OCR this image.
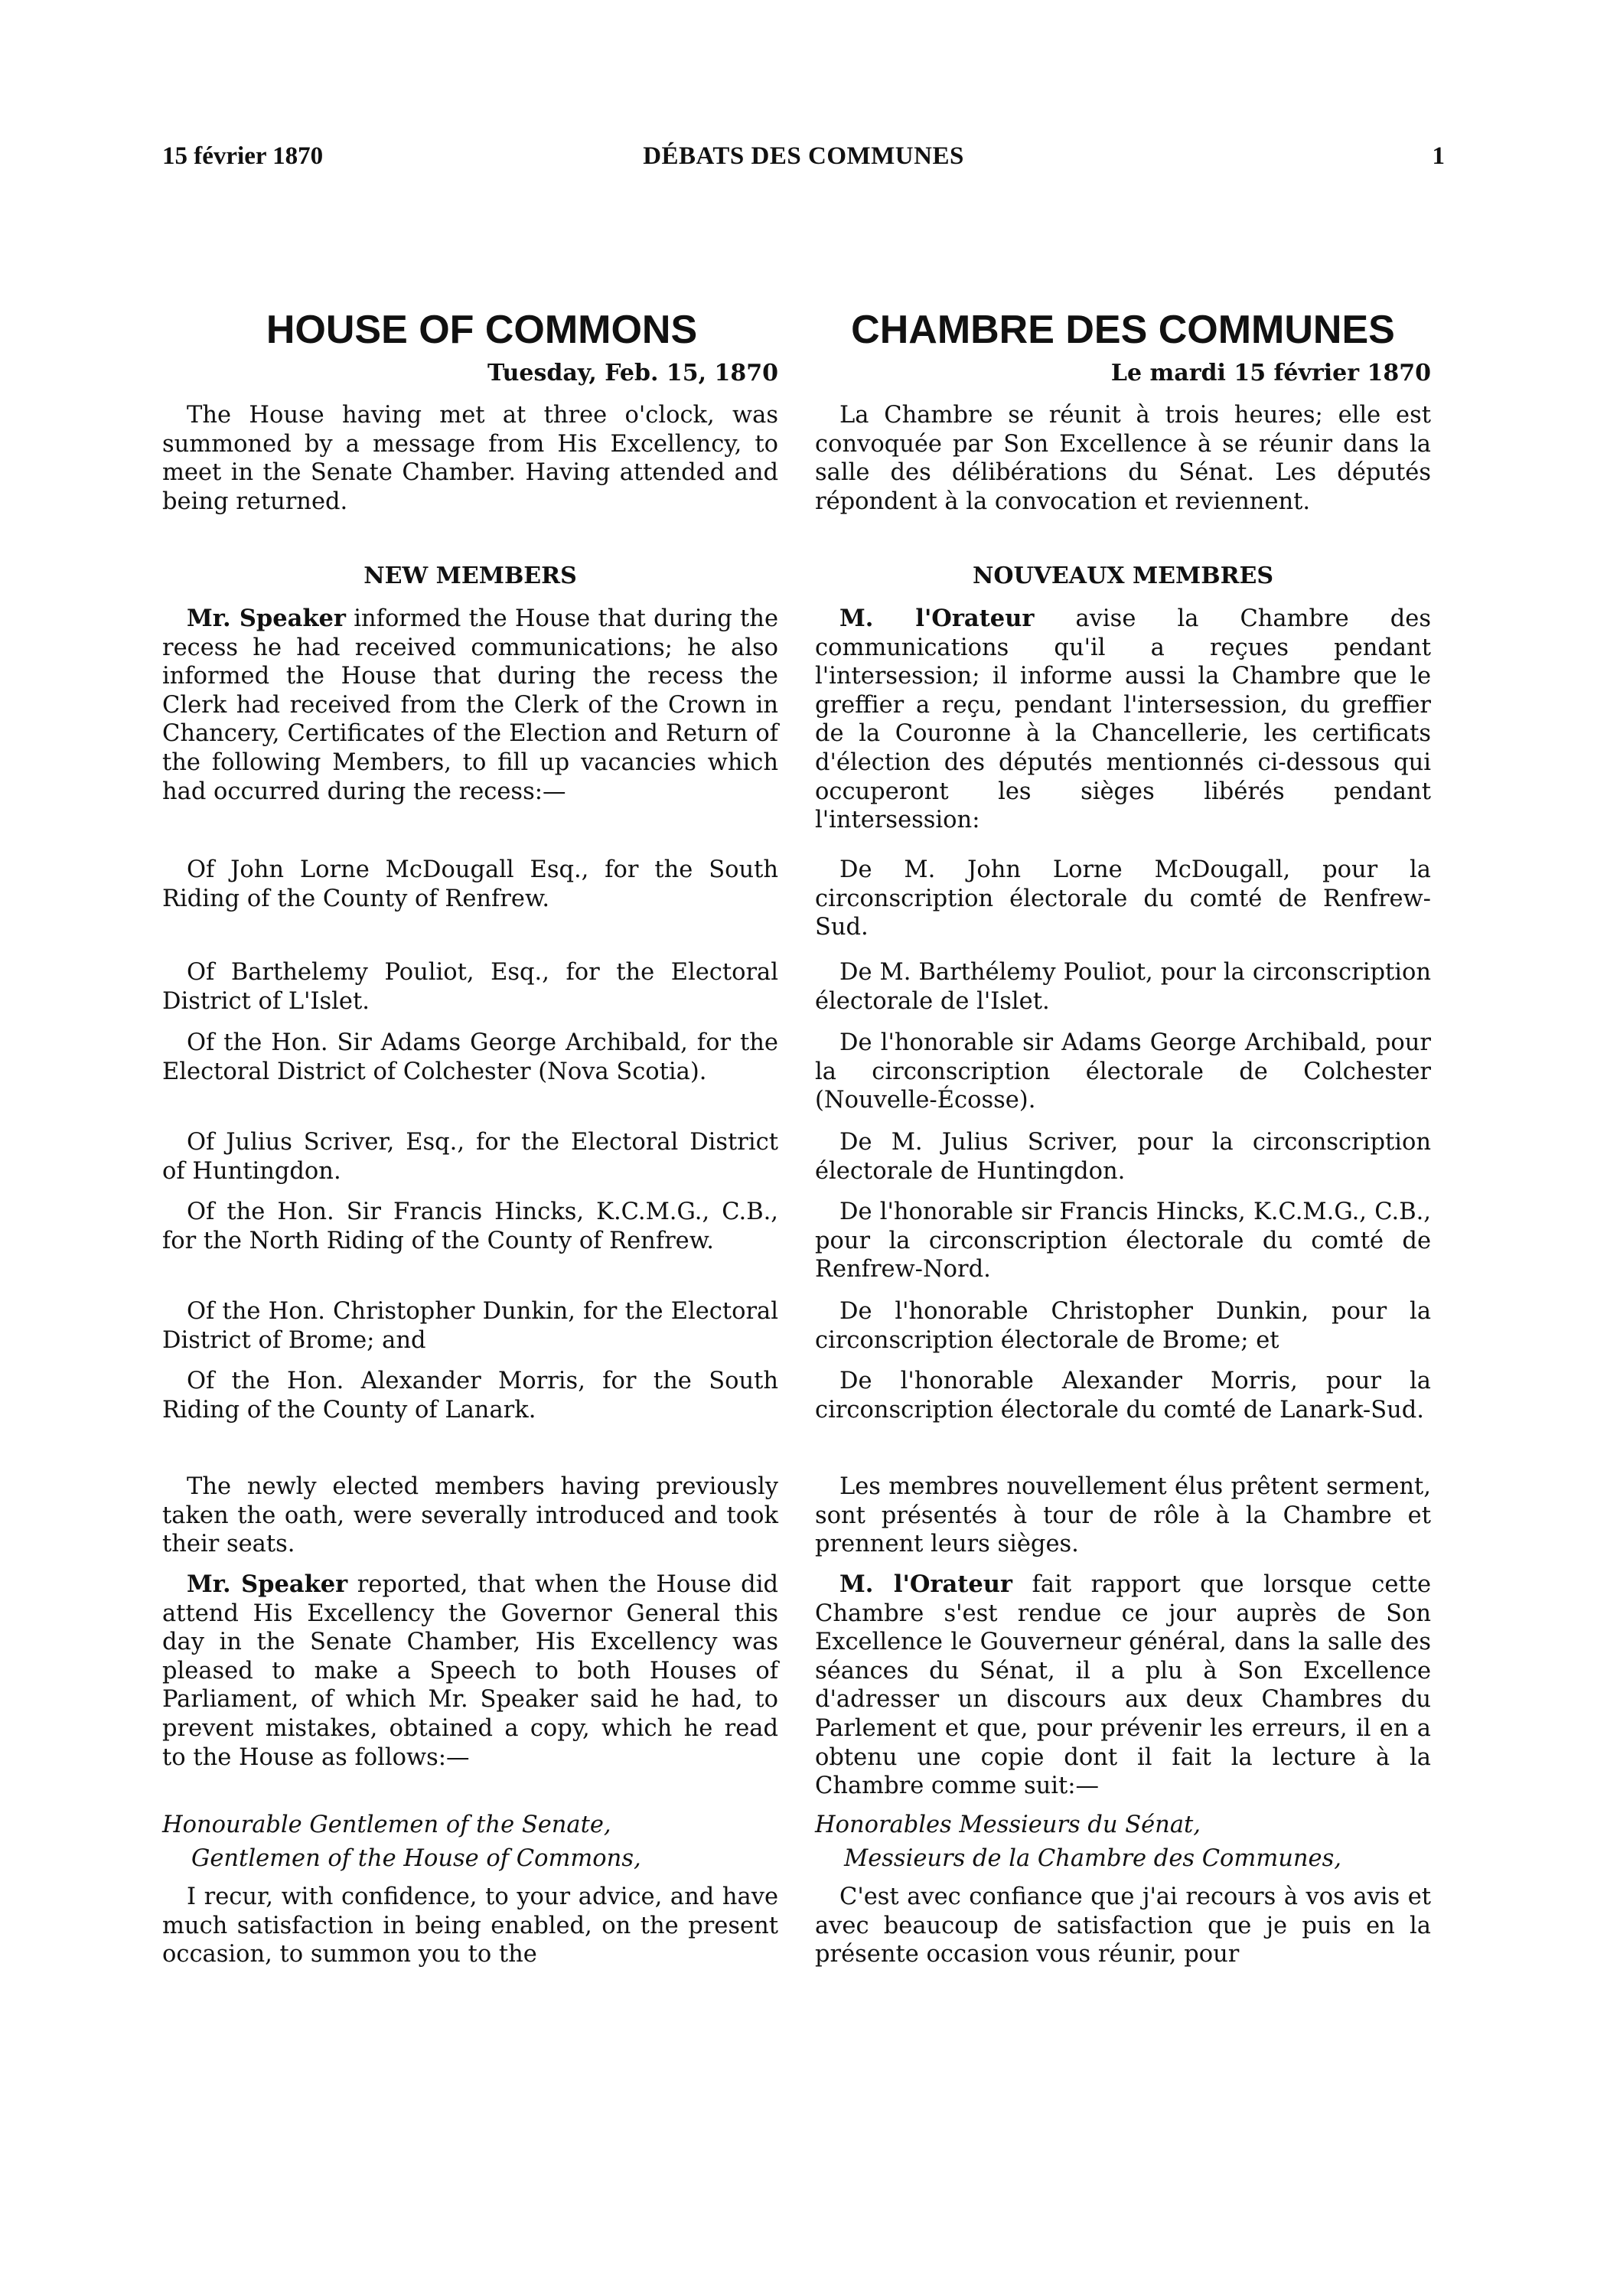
15 février 1870	DÉBATS DES COMMUNES	1
HOUSE OF COMMONS
Tuesday, Feb. 15, 1870

The House having met at three o'clock, was summoned by a message from His Excellency, to meet in the Senate Chamber. Having attended and being returned.

NEW MEMBERS

Mr. Speaker informed the House that during the recess he had received communications; he also informed the House that during the recess the Clerk had received from the Clerk of the Crown in Chancery, Certificates of the Election and Return of the following Members, to fill up vacancies which had occurred during the recess:—

Of John Lorne McDougall Esq., for the South Riding of the County of Renfrew.

Of Barthelemy Pouliot, Esq., for the Electoral District of L'Islet.

Of the Hon. Sir Adams George Archibald, for the Electoral District of Colchester (Nova Scotia).

Of Julius Scriver, Esq., for the Electoral District of Huntingdon.

Of the Hon. Sir Francis Hincks, K.C.M.G., C.B., for the North Riding of the County of Renfrew.

Of the Hon. Christopher Dunkin, for the Electoral District of Brome; and

Of the Hon. Alexander Morris, for the South Riding of the County of Lanark.

The newly elected members having previously taken the oath, were severally introduced and took their seats.

Mr. Speaker reported, that when the House did attend His Excellency the Governor General this day in the Senate Chamber, His Excellency was pleased to make a Speech to both Houses of Parliament, of which Mr. Speaker said he had, to prevent mistakes, obtained a copy, which he read to the House as follows:—

Honourable Gentlemen of the Senate,

Gentlemen of the House of Commons,

I recur, with confidence, to your advice, and have much satisfaction in being enabled, on the present occasion, to summon you to the

CHAMBRE DES COMMUNES
Le mardi 15 février 1870

La Chambre se réunit à trois heures; elle est convoquée par Son Excellence à se réunir dans la salle des délibérations du Sénat. Les députés répondent à la convocation et reviennent.

NOUVEAUX MEMBRES

M. l'Orateur avise la Chambre des communications qu'il a reçues pendant l'intersession; il informe aussi la Chambre que le greffier a reçu, pendant l'intersession, du greffier de la Couronne à la Chancellerie, les certificats d'élection des députés mentionnés ci-dessous qui occuperont les sièges libérés pendant l'intersession:

De M. John Lorne McDougall, pour la circonscription électorale du comté de Renfrew-Sud.

De M. Barthélemy Pouliot, pour la circonscription électorale de l'Islet.

De l'honorable sir Adams George Archibald, pour la circonscription électorale de Colchester (Nouvelle-Écosse).

De M. Julius Scriver, pour la circonscription électorale de Huntingdon.

De l'honorable sir Francis Hincks, K.C.M.G., C.B., pour la circonscription électorale du comté de Renfrew-Nord.

De l'honorable Christopher Dunkin, pour la circonscription électorale de Brome; et

De l'honorable Alexander Morris, pour la circonscription électorale du comté de Lanark-Sud.

Les membres nouvellement élus prêtent serment, sont présentés à tour de rôle à la Chambre et prennent leurs sièges.

M. l'Orateur fait rapport que lorsque cette Chambre s'est rendue ce jour auprès de Son Excellence le Gouverneur général, dans la salle des séances du Sénat, il a plu à Son Excellence d'adresser un discours aux deux Chambres du Parlement et que, pour prévenir les erreurs, il en a obtenu une copie dont il fait la lecture à la Chambre comme suit:—

Honorables Messieurs du Sénat,

Messieurs de la Chambre des Communes,

C'est avec confiance que j'ai recours à vos avis et avec beaucoup de satisfaction que je puis en la présente occasion vous réunir, pour
